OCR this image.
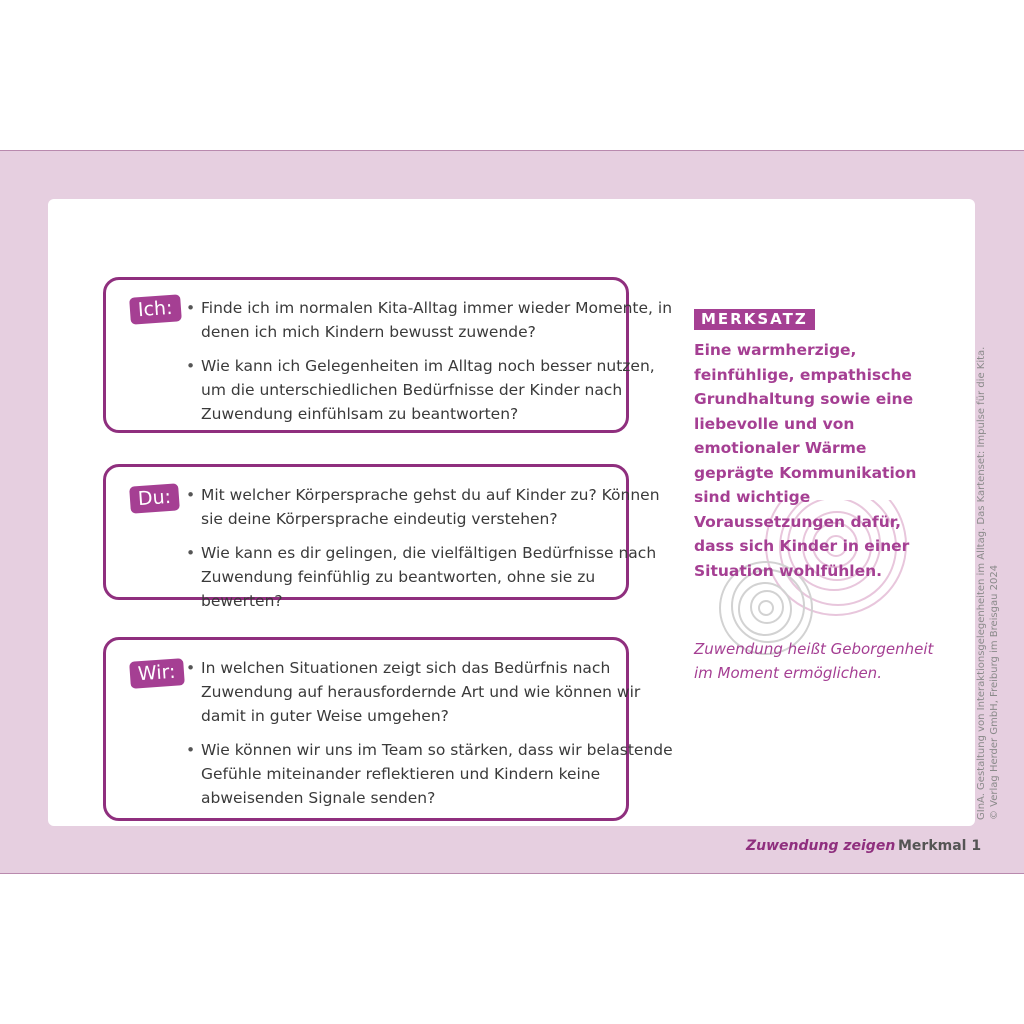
Ich: • Finde ich im normalen Kita-Alltag immer wieder Momente, in denen ich mich Kindern bewusst zuwende?
• Wie kann ich Gelegenheiten im Alltag noch besser nutzen, um die unterschiedlichen Bedürfnisse der Kinder nach Zuwendung einfühlsam zu beantworten?
Du: • Mit welcher Körpersprache gehst du auf Kinder zu? Können sie deine Körpersprache eindeutig verstehen?
• Wie kann es dir gelingen, die vielfältigen Bedürfnisse nach Zuwendung feinfühlig zu beantworten, ohne sie zu bewerten?
Wir: • In welchen Situationen zeigt sich das Bedürfnis nach Zuwendung auf herausfordernde Art und wie können wir damit in guter Weise umgehen?
• Wie können wir uns im Team so stärken, dass wir belastende Gefühle miteinander reflektieren und Kindern keine abweisenden Signale senden?
MERKSATZ
Eine warmherzige, feinfühlige, empathische Grundhaltung sowie eine liebevolle und von emotionaler Wärme geprägte Kommunikation sind wichtige Voraussetzungen dafür, dass sich Kinder in einer Situation wohlfühlen.
Zuwendung heißt Geborgenheit im Moment ermöglichen.	GInA. Gestaltung von Interaktionsgelegenheiten im Alltag. Das Kartenset: Impulse für die Kita. © Verlag Herder GmbH, Freiburg im Breisgau 2024
Zuwendung zeigen Merkmal 1
